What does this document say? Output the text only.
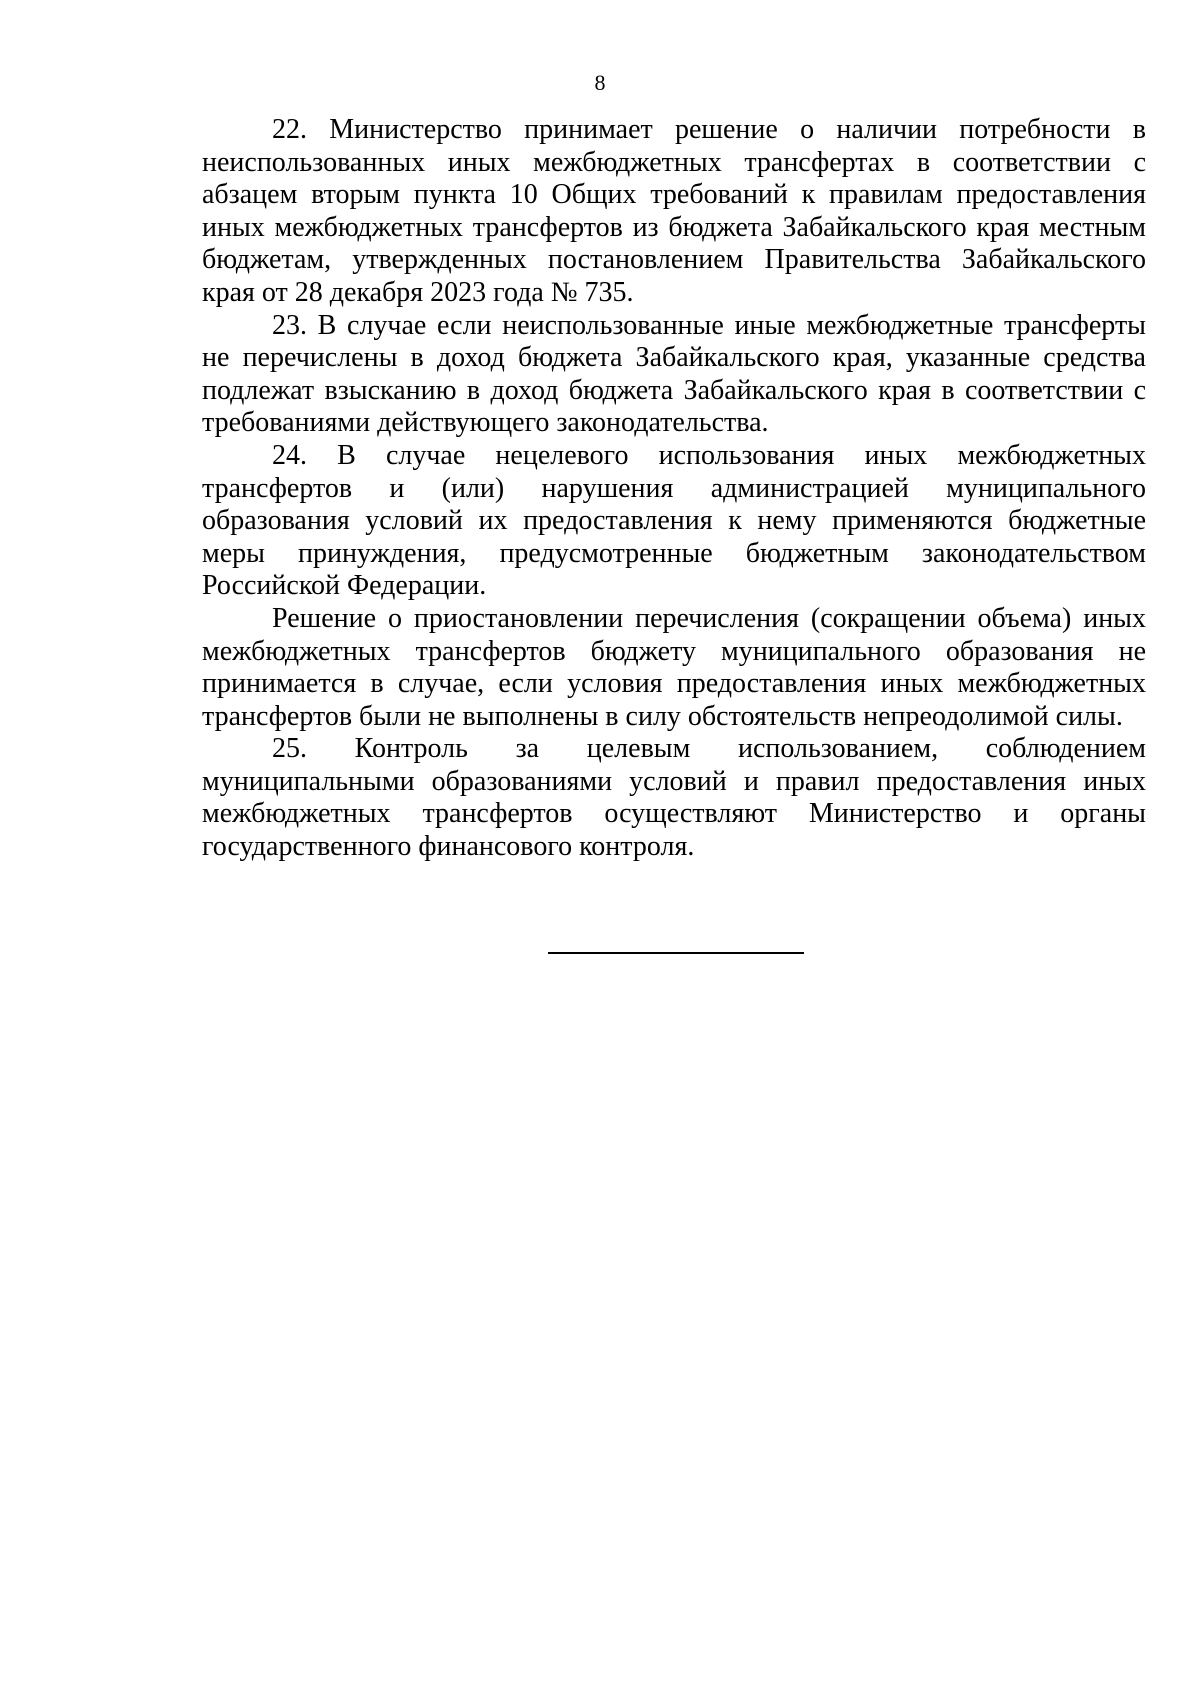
8

22. Министерство принимает решение о наличии потребности в неиспользованных иных межбюджетных трансфертах в соответствии с абзацем вторым пункта 10 Общих требований к правилам предоставления иных межбюджетных трансфертов из бюджета Забайкальского края местным бюджетам, утвержденных постановлением Правительства Забайкальского края от 28 декабря 2023 года № 735.

23. В случае если неиспользованные иные межбюджетные трансферты не перечислены в доход бюджета Забайкальского края, указанные средства подлежат взысканию в доход бюджета Забайкальского края в соответствии с требованиями действующего законодательства.

24. В случае нецелевого использования иных межбюджетных трансфертов и (или) нарушения администрацией муниципального образования условий их предоставления к нему применяются бюджетные меры принуждения, предусмотренные бюджетным законодательством Российской Федерации.

Решение о приостановлении перечисления (сокращении объема) иных межбюджетных трансфертов бюджету муниципального образования не принимается в случае, если условия предоставления иных межбюджетных трансфертов были не выполнены в силу обстоятельств непреодолимой силы.

25. Контроль за целевым использованием, соблюдением муниципальными образованиями условий и правил предоставления иных межбюджетных трансфертов осуществляют Министерство и органы государственного финансового контроля.
